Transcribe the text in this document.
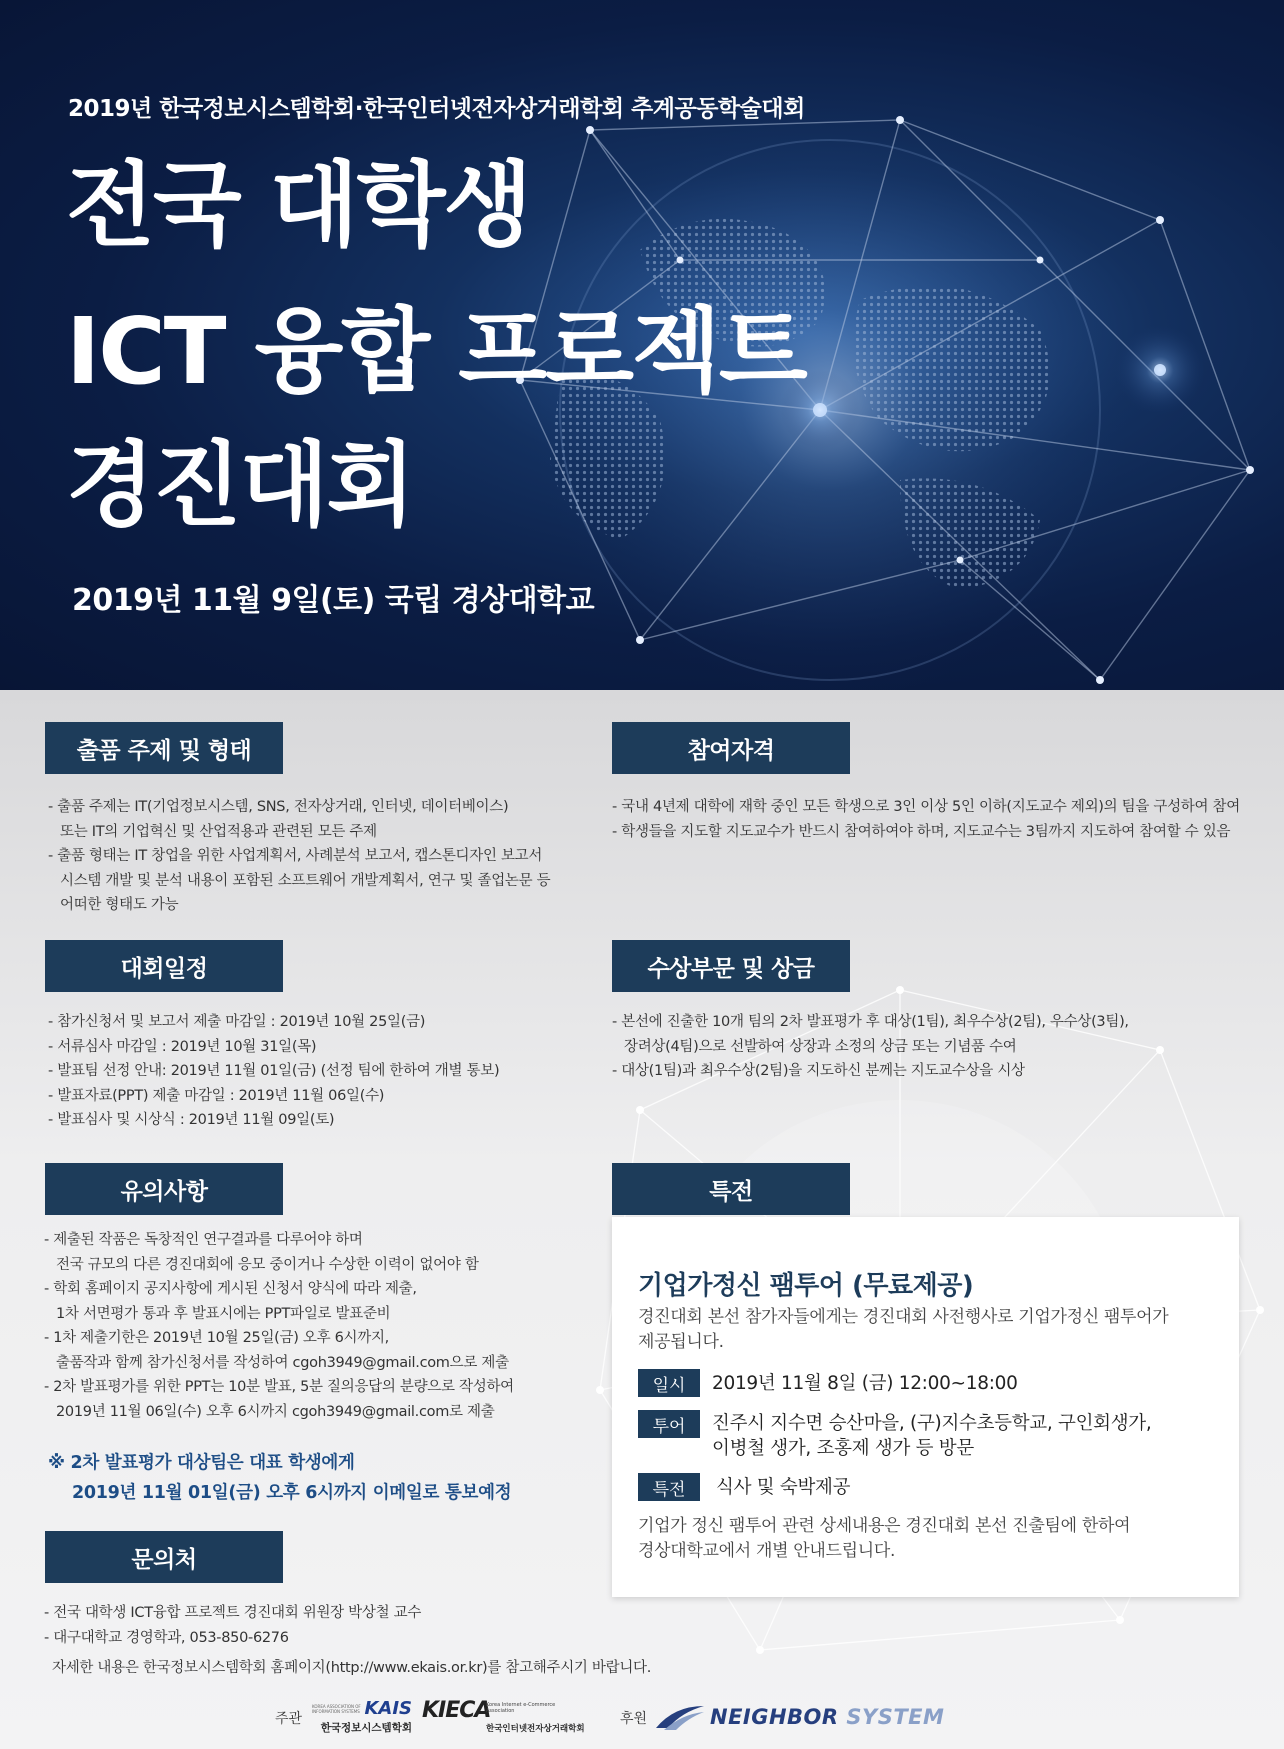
2019년 한국정보시스템학회·한국인터넷전자상거래학회 추계공동학술대회
전국 대학생
ICT 융합 프로젝트
경진대회
2019년 11월 9일(토) 국립 경상대학교
출품 주제 및 형태
- 출품 주제는 IT(기업정보시스템, SNS, 전자상거래, 인터넷, 데이터베이스)
또는 IT의 기업혁신 및 산업적용과 관련된 모든 주제
- 출품 형태는 IT 창업을 위한 사업계획서, 사례분석 보고서, 캡스톤디자인 보고서
시스템 개발 및 분석 내용이 포함된 소프트웨어 개발계획서, 연구 및 졸업논문 등
어떠한 형태도 가능
참여자격
- 국내 4년제 대학에 재학 중인 모든 학생으로 3인 이상 5인 이하(지도교수 제외)의 팀을 구성하여 참여
- 학생들을 지도할 지도교수가 반드시 참여하여야 하며, 지도교수는 3팀까지 지도하여 참여할 수 있음
대회일정
- 참가신청서 및 보고서 제출 마감일 : 2019년 10월 25일(금)
- 서류심사 마감일 : 2019년 10월 31일(목)
- 발표팀 선정 안내: 2019년 11월 01일(금) (선정 팀에 한하여 개별 통보)
- 발표자료(PPT) 제출 마감일 : 2019년 11월 06일(수)
- 발표심사 및 시상식 : 2019년 11월 09일(토)
수상부문 및 상금
- 본선에 진출한 10개 팀의 2차 발표평가 후 대상(1팀), 최우수상(2팀), 우수상(3팀),
장려상(4팀)으로 선발하여 상장과 소정의 상금 또는 기념품 수여
- 대상(1팀)과 최우수상(2팀)을 지도하신 분께는 지도교수상을 시상
유의사항
- 제출된 작품은 독창적인 연구결과를 다루어야 하며
전국 규모의 다른 경진대회에 응모 중이거나 수상한 이력이 없어야 함
- 학회 홈페이지 공지사항에 게시된 신청서 양식에 따라 제출,
1차 서면평가 통과 후 발표시에는 PPT파일로 발표준비
- 1차 제출기한은 2019년 10월 25일(금) 오후 6시까지,
출품작과 함께 참가신청서를 작성하여 cgoh3949@gmail.com으로 제출
- 2차 발표평가를 위한 PPT는 10분 발표, 5분 질의응답의 분량으로 작성하여
2019년 11월 06일(수) 오후 6시까지 cgoh3949@gmail.com로 제출
※ 2차 발표평가 대상팀은 대표 학생에게
2019년 11월 01일(금) 오후 6시까지 이메일로 통보예정
특전
기업가정신 팸투어 (무료제공)
경진대회 본선 참가자들에게는 경진대회 사전행사로 기업가정신 팸투어가
제공됩니다.
일시	2019년 11월 8일 (금) 12:00~18:00
투어	진주시 지수면 승산마을, (구)지수초등학교, 구인회생가,
이병철 생가, 조홍제 생가 등 방문
특전	식사 및 숙박제공
기업가 정신 팸투어 관련 상세내용은 경진대회 본선 진출팀에 한하여
경상대학교에서 개별 안내드립니다.
문의처
- 전국 대학생 ICT융합 프로젝트 경진대회 위원장 박상철 교수
- 대구대학교 경영학과, 053-850-6276
자세한 내용은 한국정보시스템학회 홈페이지(http://www.ekais.or.kr)를 참고해주시기 바랍니다.
주관
KOREA ASSOCIATION OF INFORMATION SYSTEMS KAIS
한국정보시스템학회
KIECA
Korea Internet e-Commerce Association
한국인터넷전자상거래학회
후원	NEIGHBOR SYSTEM
